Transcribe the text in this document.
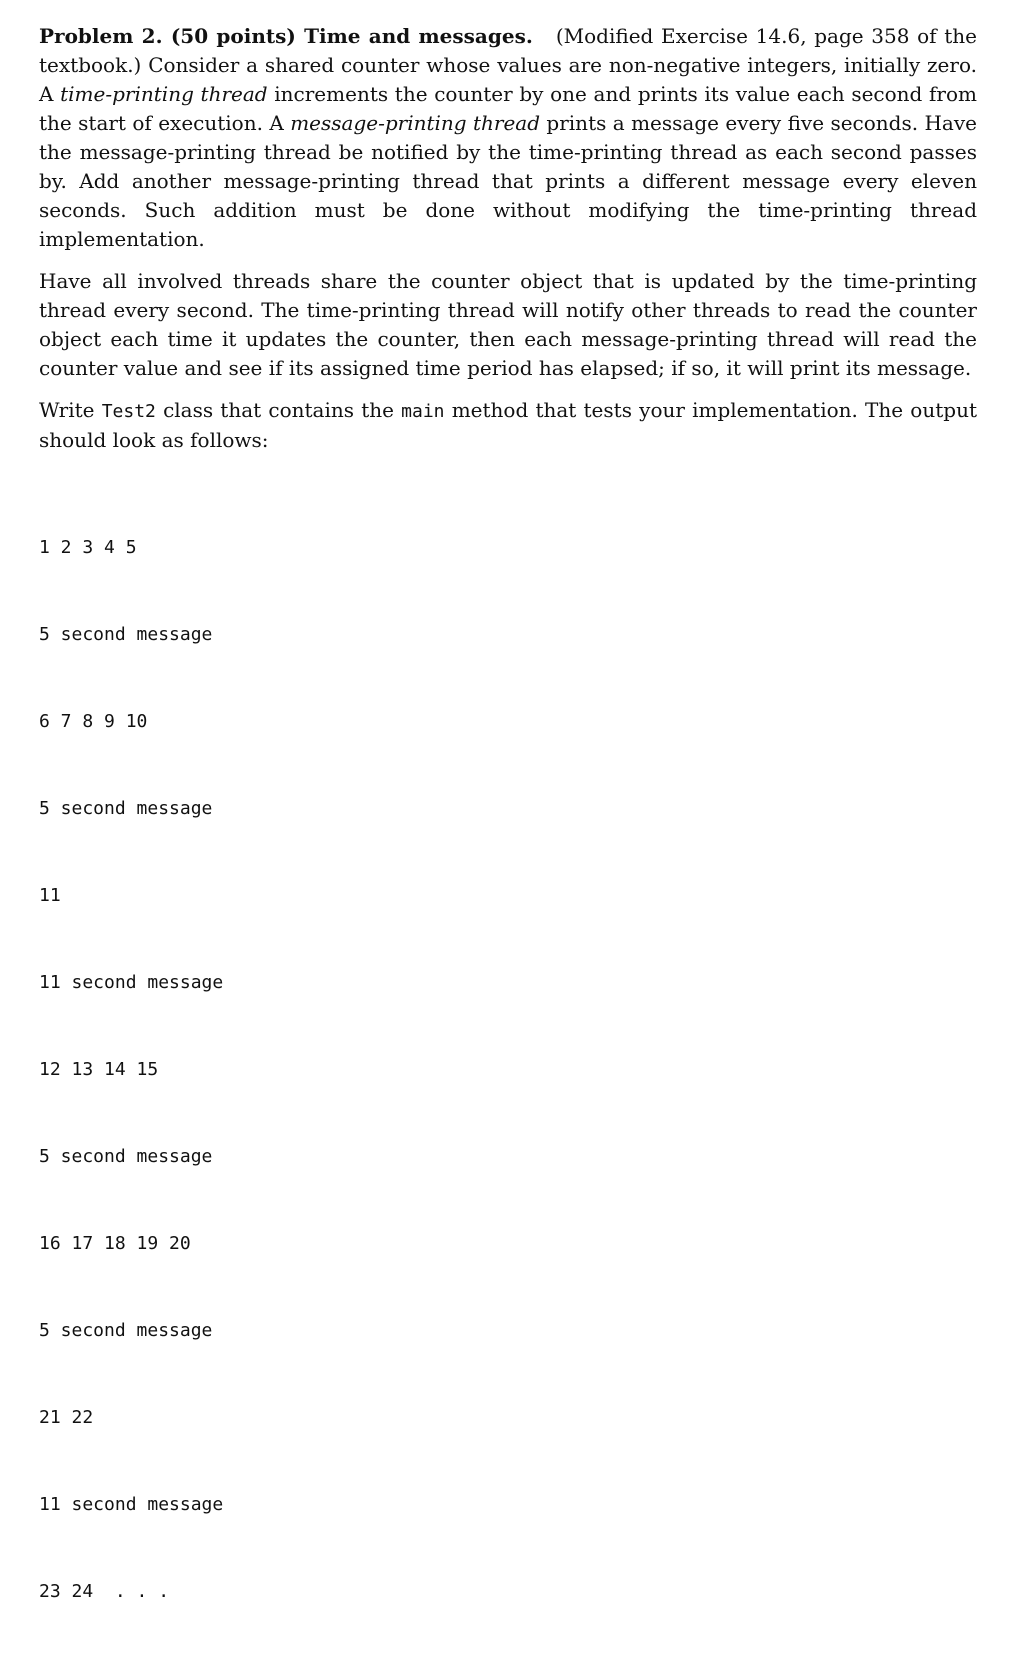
Problem 2. (50 points) Time and messages. (Modified Exercise 14.6, page 358 of the textbook.) Consider a shared counter whose values are non-negative integers, initially zero. A time-printing thread increments the counter by one and prints its value each second from the start of execution. A message-printing thread prints a message every five seconds. Have the message-printing thread be notified by the time-printing thread as each second passes by. Add another message-printing thread that prints a different message every eleven seconds. Such addition must be done without modifying the time-printing thread implementation.

Have all involved threads share the counter object that is updated by the time-printing thread every second. The time-printing thread will notify other threads to read the counter object each time it updates the counter, then each message-printing thread will read the counter value and see if its assigned time period has elapsed; if so, it will print its message.

Write Test2 class that contains the main method that tests your implementation. The output should look as follows:

1 2 3 4 5

5 second message

6 7 8 9 10

5 second message

11

11 second message

12 13 14 15

5 second message

16 17 18 19 20

5 second message

21 22

11 second message

23 24  . . .
